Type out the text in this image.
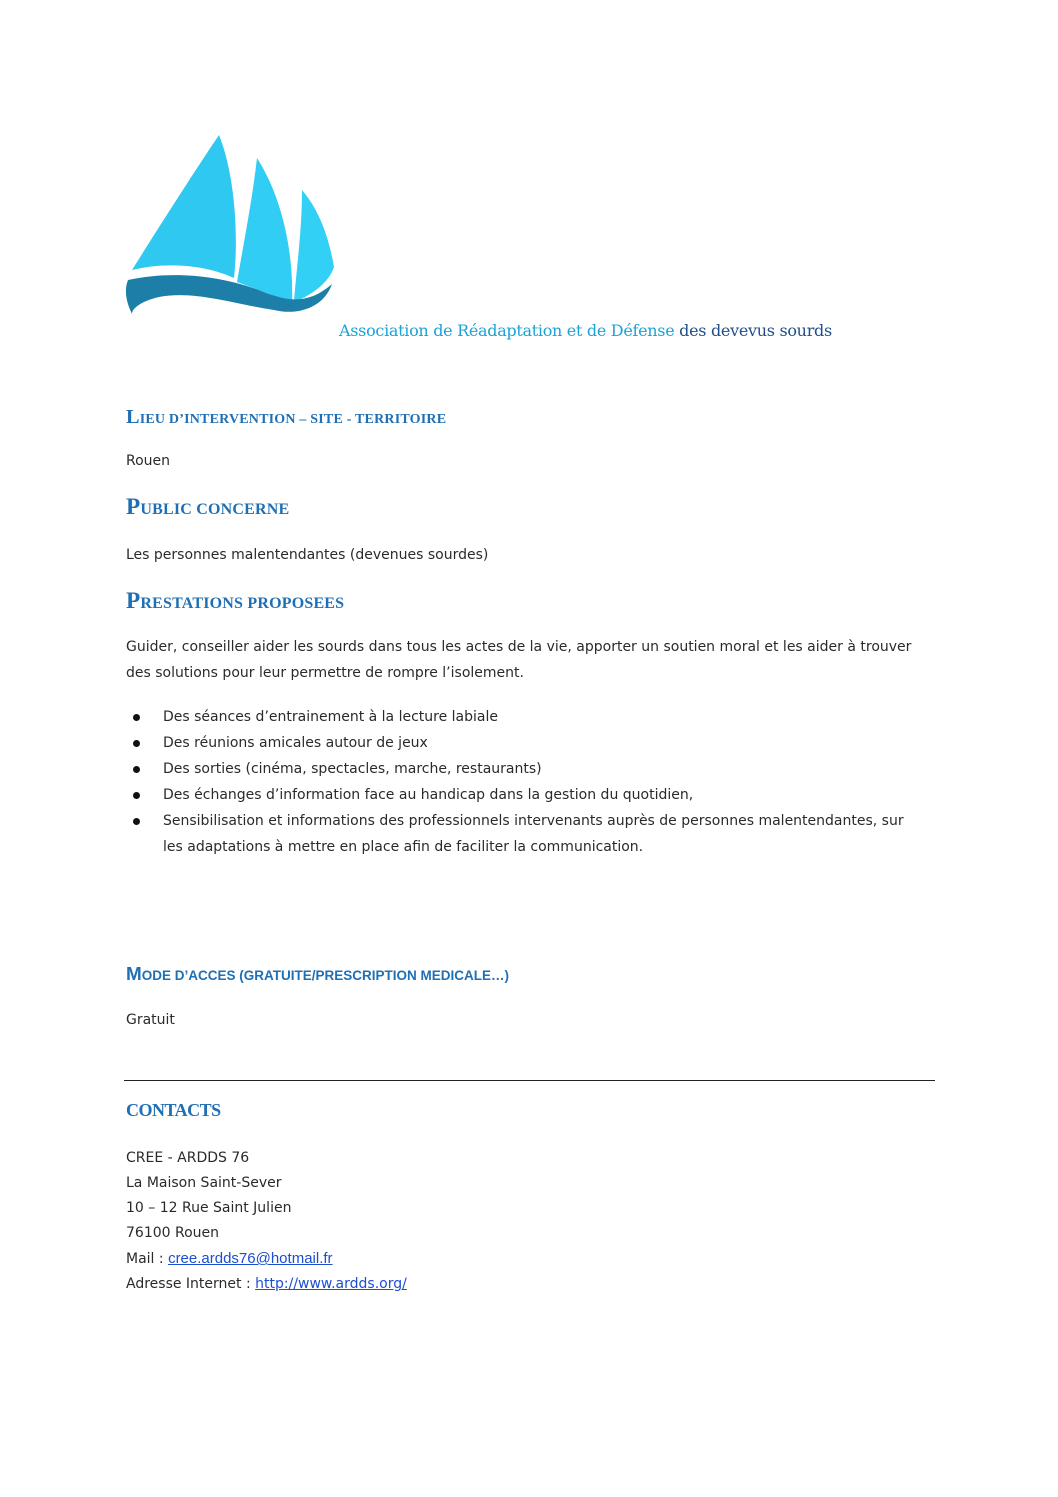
Association de Réadaptation et de Défense des devevus sourds
LIEU D’INTERVENTION – SITE - TERRITOIRE
Rouen
PUBLIC CONCERNE
Les personnes malentendantes (devenues sourdes)
PRESTATIONS PROPOSEES
Guider, conseiller aider les sourds dans tous les actes de la vie, apporter un soutien moral et les aider à trouver des solutions pour leur permettre de rompre l’isolement.
Des séances d’entrainement à la lecture labiale
Des réunions amicales autour de jeux
Des sorties (cinéma, spectacles, marche, restaurants)
Des échanges d’information face au handicap dans la gestion du quotidien,
Sensibilisation et informations des professionnels intervenants auprès de personnes malentendantes, sur les adaptations à mettre en place afin de faciliter la communication.
MODE D’ACCES (GRATUITE/PRESCRIPTION MEDICALE…)
Gratuit
CONTACTS
CREE - ARDDS 76
La Maison Saint-Sever
10 – 12 Rue Saint Julien
76100 Rouen
Mail : cree.ardds76@hotmail.fr
Adresse Internet : http://www.ardds.org/
